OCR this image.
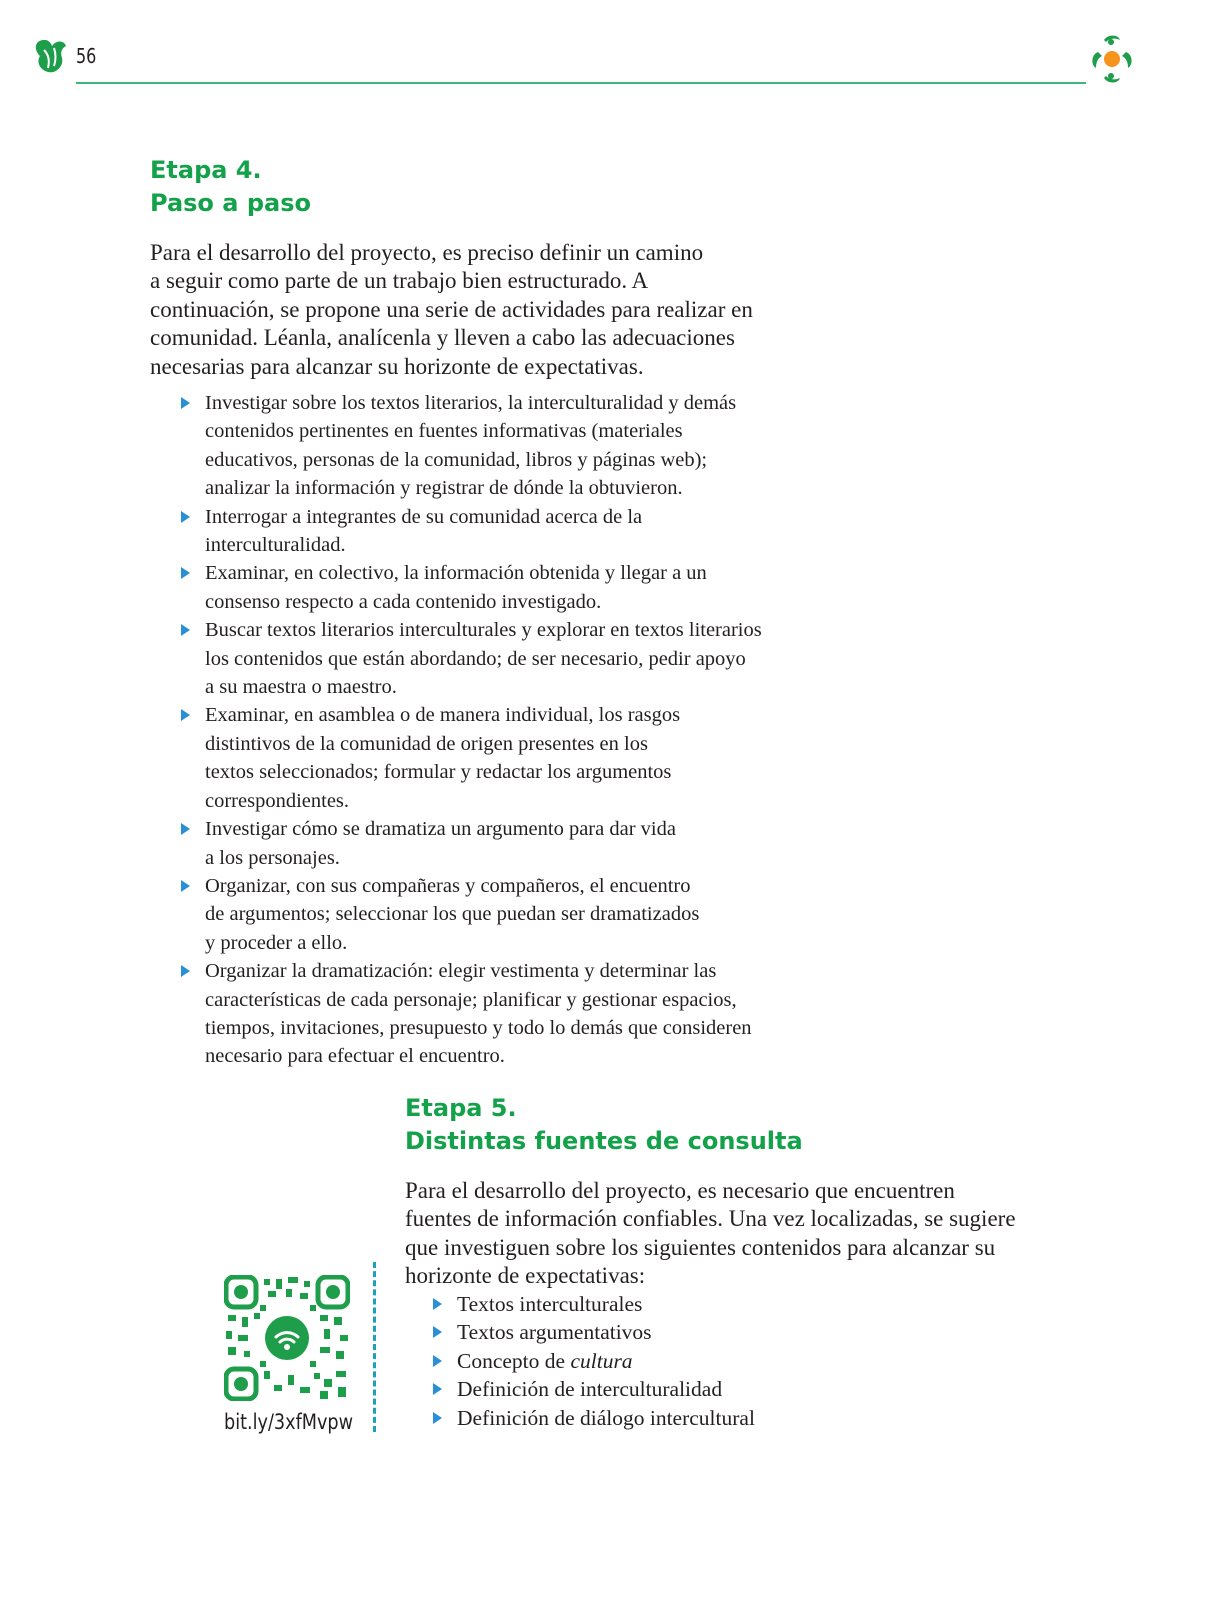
56
Etapa 4.
Paso a paso

Para el desarrollo del proyecto, es preciso definir un camino
a seguir como parte de un trabajo bien estructurado. A
continuación, se propone una serie de actividades para realizar en
comunidad. Léanla, analícenla y lleven a cabo las adecuaciones
necesarias para alcanzar su horizonte de expectativas.

Investigar sobre los textos literarios, la interculturalidad y demás
contenidos pertinentes en fuentes informativas (materiales
educativos, personas de la comunidad, libros y páginas web);
analizar la información y registrar de dónde la obtuvieron.
Interrogar a integrantes de su comunidad acerca de la
interculturalidad.
Examinar, en colectivo, la información obtenida y llegar a un
consenso respecto a cada contenido investigado.
Buscar textos literarios interculturales y explorar en textos literarios
los contenidos que están abordando; de ser necesario, pedir apoyo
a su maestra o maestro.
Examinar, en asamblea o de manera individual, los rasgos
distintivos de la comunidad de origen presentes en los
textos seleccionados; formular y redactar los argumentos
correspondientes.
Investigar cómo se dramatiza un argumento para dar vida
a los personajes.
Organizar, con sus compañeras y compañeros, el encuentro
de argumentos; seleccionar los que puedan ser dramatizados
y proceder a ello.
Organizar la dramatización: elegir vestimenta y determinar las
características de cada personaje; planificar y gestionar espacios,
tiempos, invitaciones, presupuesto y todo lo demás que consideren
necesario para efectuar el encuentro.
Etapa 5.
Distintas fuentes de consulta

Para el desarrollo del proyecto, es necesario que encuentren
fuentes de información confiables. Una vez localizadas, se sugiere
que investiguen sobre los siguientes contenidos para alcanzar su
horizonte de expectativas:

Textos interculturales
Textos argumentativos
Concepto de cultura
Definición de interculturalidad
Definición de diálogo intercultural
bit.ly/3xfMvpw
